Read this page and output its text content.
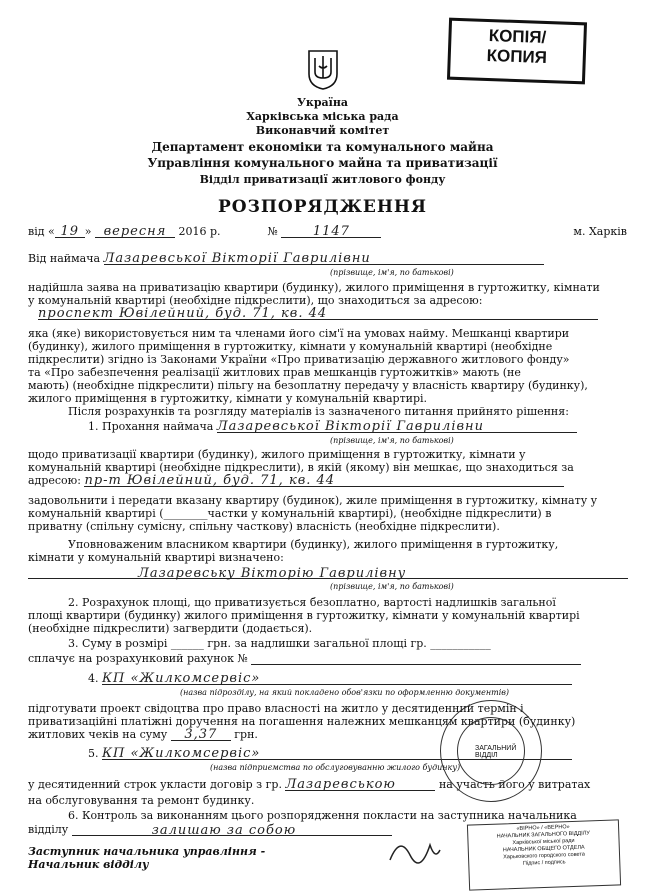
КОПІЯ/
КОПИЯ
Україна
Харківська міська рада
Виконавчий комітет
Департамент економіки та комунального майна
Управління комунального майна та приватизації
Відділ приватизації житлового фонду
РОЗПОРЯДЖЕННЯ
від « 19 » вересня 2016 р.	№	1147	м. Харків
Від наймача Лазаревської Вікторії Гаврилівни
(прізвище, ім'я, по батькові)
надійшла заява на приватизацію квартири (будинку), жилого приміщення в гуртожитку, кімнати
у комунальній квартирі (необхідне підкреслити), що знаходиться за адресою:
проспект Ювілейний, буд. 71, кв. 44
яка (яке) використовується ним та членами його сім'ї на умовах найму. Мешканці квартири
(будинку), жилого приміщення в гуртожитку, кімнати у комунальній квартирі (необхідне
підкреслити) згідно із Законами України «Про приватизацію державного житлового фонду»
та «Про забезпечення реалізації житлових прав мешканців гуртожитків» мають (не
мають) (необхідне підкреслити) пільгу на безоплатну передачу у власність квартиру (будинку),
жилого приміщення в гуртожитку, кімнати у комунальній квартирі.
Після розрахунків та розгляду матеріалів із зазначеного питання прийнято рішення:
1. Прохання наймача Лазаревської Вікторії Гаврилівни
(прізвище, ім'я, по батькові)
щодо приватизації квартири (будинку), жилого приміщення в гуртожитку, кімнати у
комунальній квартирі (необхідне підкреслити), в якій (якому) він мешкає, що знаходиться за
адресою: пр-т Ювілейний, буд. 71, кв. 44
задовольнити і передати вказану квартиру (будинок), жиле приміщення в гуртожитку, кімнату у
комунальній квартирі (________частки у комунальній квартирі), (необхідне підкреслити) в
приватну (спільну сумісну, спільну часткову) власність (необхідне підкреслити).
Уповноваженим власником квартири (будинку), жилого приміщення в гуртожитку,
кімнати у комунальній квартирі визначено:
Лазаревську Вікторію Гаврилівну
(прізвище, ім'я, по батькові)
2. Розрахунок площі, що приватизується безоплатно, вартості надлишків загальної
площі квартири (будинку) жилого приміщення в гуртожитку, кімнати у комунальній квартирі
(необхідне підкреслити) загвердити (додається).
3. Суму в розмірі ______ грн. за надлишки загальної площі гр. ___________
сплачує на розрахунковий рахунок №
4. КП «Жилкомсервіс»
(назва підрозділу, на який покладено обов'язки по оформленню документів)
підготувати проект свідоцтва про право власності на житло у десятиденний термін і
приватизаційні платіжні доручення на погашення належних мешканцям квартири (будинку)
житлових чеків на суму 3,37 грн.
5. КП «Жилкомсервіс»
(назва підприємства по обслуговуванню жилого будинку)
у десятиденний строк укласти договір з гр. Лазаревською	на участь його у витратах
на обслуговування та ремонт будинку.
6. Контроль за виконанням цього розпорядження покласти на заступника начальника
відділу	залишаю за собою
Заступник начальника управління -
Начальник відділу
ЗАГАЛЬНИЙ
ВІДДІЛ
«ВІРНО» / «ВЕРНО»
НАЧАЛЬНИК ЗАГАЛЬНОГО ВІДДІЛУ
Харківської міської ради
НАЧАЛЬНИК ОБЩЕГО ОТДЕЛА
Харьковского городского совета
Підпис / подпись
